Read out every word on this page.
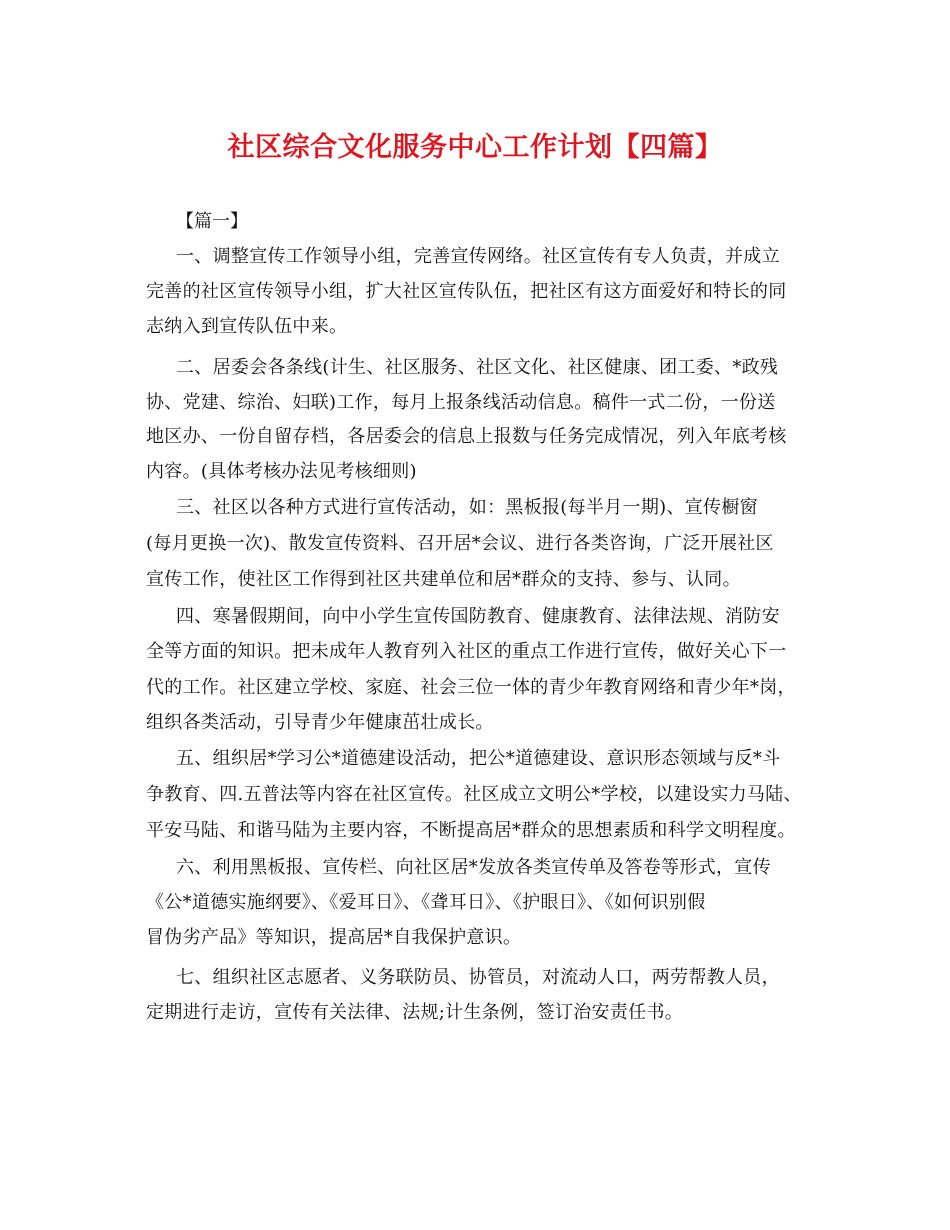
社区综合文化服务中心工作计划【四篇】
【篇一】
一、调整宣传工作领导小组，完善宣传网络。社区宣传有专人负责，并成立
完善的社区宣传领导小组，扩大社区宣传队伍，把社区有这方面爱好和特长的同
志纳入到宣传队伍中来。
二、居委会各条线(计生、社区服务、社区文化、社区健康、团工委、*政残
协、党建、综治、妇联)工作，每月上报条线活动信息。稿件一式二份，一份送
地区办、一份自留存档，各居委会的信息上报数与任务完成情况，列入年底考核
内容。(具体考核办法见考核细则)
三、社区以各种方式进行宣传活动，如：黑板报(每半月一期)、宣传橱窗
(每月更换一次)、散发宣传资料、召开居*会议、进行各类咨询，广泛开展社区
宣传工作，使社区工作得到社区共建单位和居*群众的支持、参与、认同。
四、寒暑假期间，向中小学生宣传国防教育、健康教育、法律法规、消防安
全等方面的知识。把未成年人教育列入社区的重点工作进行宣传，做好关心下一
代的工作。社区建立学校、家庭、社会三位一体的青少年教育网络和青少年*岗，
组织各类活动，引导青少年健康茁壮成长。
五、组织居*学习公*道德建设活动，把公*道德建设、意识形态领域与反*斗
争教育、四.五普法等内容在社区宣传。社区成立文明公*学校，以建设实力马陆、
平安马陆、和谐马陆为主要内容，不断提高居*群众的思想素质和科学文明程度。
六、利用黑板报、宣传栏、向社区居*发放各类宣传单及答卷等形式，宣传
《公*道德实施纲要》、《爱耳日》、《聋耳日》、《护眼日》、《如何识别假
冒伪劣产品》等知识，提高居*自我保护意识。
七、组织社区志愿者、义务联防员、协管员，对流动人口，两劳帮教人员，
定期进行走访，宣传有关法律、法规;计生条例，签订治安责任书。
